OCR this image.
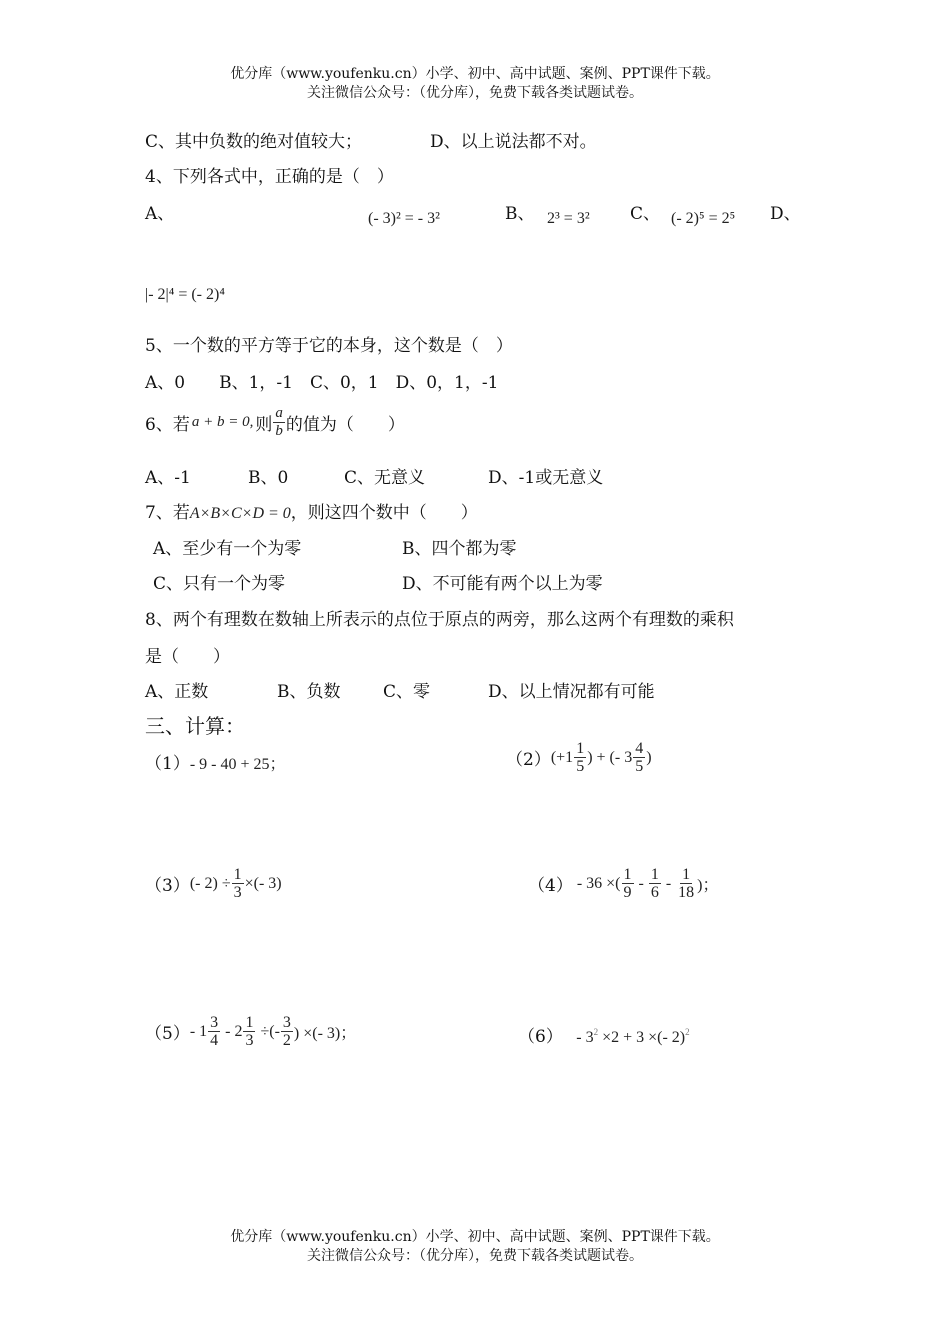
优分库（www.youfenku.cn）小学、初中、高中试题、案例、PPT课件下载。
关注微信公众号：（优分库），免费下载各类试题试卷。
C、其中负数的绝对值较大；	D、以上说法都不对。
4、下列各式中，正确的是（　）
A、	(- 3)² = - 3²	B、 2³ = 3² C、 (- 2)⁵ = 2⁵ D、
|- 2|⁴ = (- 2)⁴
5、一个数的平方等于它的本身，这个数是（　）
A、0　　B、1，-1　C、0，1　D、0，1，-1
6、若 a + b = 0, 则 $\frac{a}{b}$ 的值为（　　）
A、-1	B、0	C、无意义	D、-1或无意义
7、若A×B×C×D = 0，则这四个数中（　　）
A、至少有一个为零	B、四个都为零
C、只有一个为零	D、不可能有两个以上为零
8、两个有理数在数轴上所表示的点位于原点的两旁，那么这两个有理数的乘积
是（　　）
A、正数	B、负数	C、零	D、以上情况都有可能
三、计算：
（1）- 9 - 40 + 25；	（2） ($+1 \frac{1}{5}$ ) + (- $3 \frac{4}{5}$ )
（3） (- $2) \div \frac{1}{3}$ ×(- 3)	（4） - 36 ×( $\frac{1}{9} - \frac{1}{6} - \frac{1}{18}$ )；
$(5) - 1 \frac{3}{4} - 2 \frac{1}{3}$ ÷(- $\frac{3}{2}$ ) ×(- 3)；	$(6) - 3^2 \times 2 + 3$ ×(- 2)$^2$
优分库（www.youfenku.cn）小学、初中、高中试题、案例、PPT课件下载。
关注微信公众号：（优分库），免费下载各类试题试卷。
